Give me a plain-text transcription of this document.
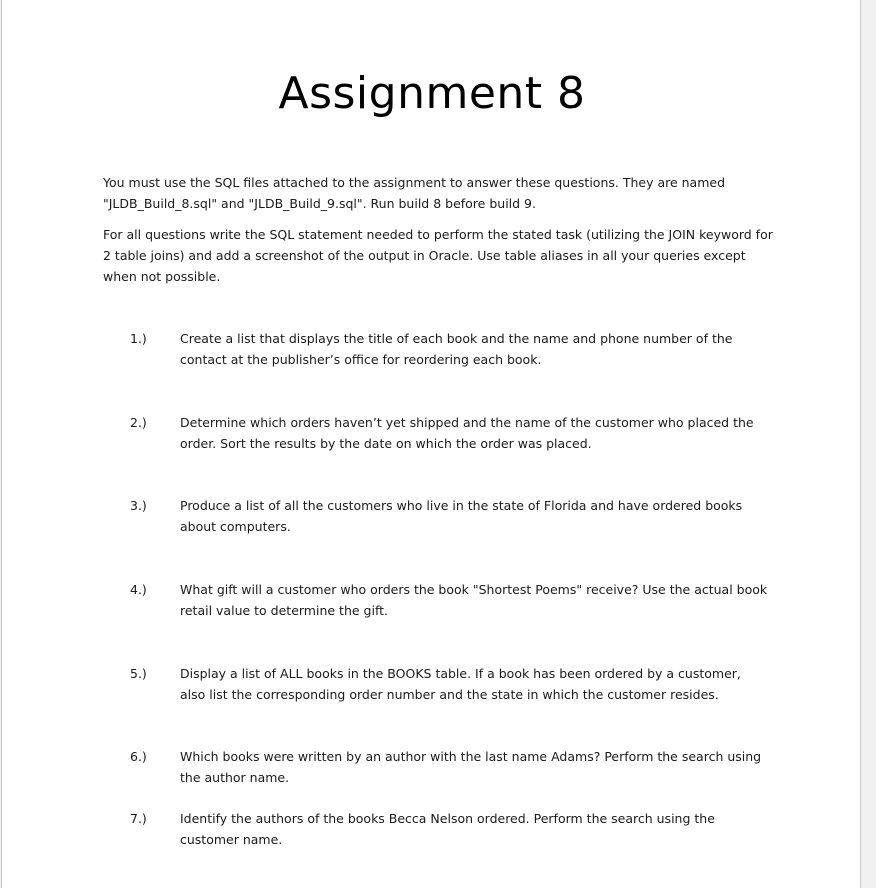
Assignment 8

You must use the SQL files attached to the assignment to answer these questions. They are named "JLDB_Build_8.sql" and "JLDB_Build_9.sql". Run build 8 before build 9.

For all questions write the SQL statement needed to perform the stated task (utilizing the JOIN keyword for 2 table joins) and add a screenshot of the output in Oracle. Use table aliases in all your queries except when not possible.

1.)	Create a list that displays the title of each book and the name and phone number of the contact at the publisher’s office for reordering each book.
2.)	Determine which orders haven’t yet shipped and the name of the customer who placed the order. Sort the results by the date on which the order was placed.
3.)	Produce a list of all the customers who live in the state of Florida and have ordered books about computers.
4.)	What gift will a customer who orders the book "Shortest Poems" receive? Use the actual book retail value to determine the gift.
5.)	Display a list of ALL books in the BOOKS table. If a book has been ordered by a customer, also list the corresponding order number and the state in which the customer resides.
6.)	Which books were written by an author with the last name Adams? Perform the search using the author name.
7.)	Identify the authors of the books Becca Nelson ordered. Perform the search using the customer name.
